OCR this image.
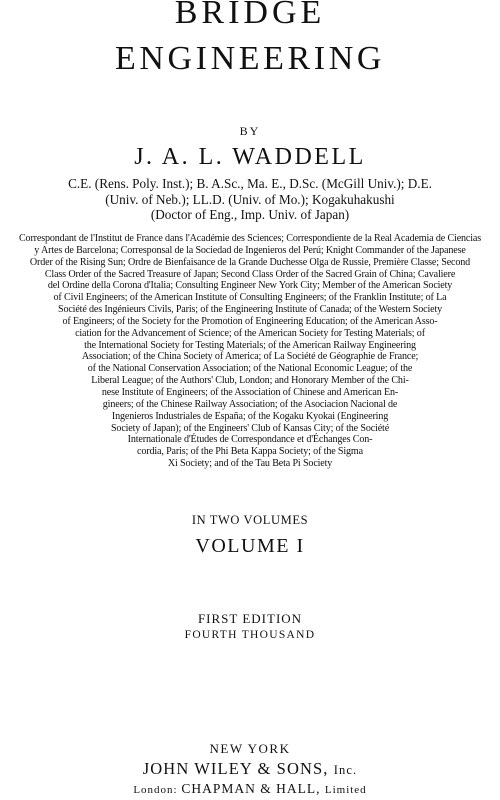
BRIDGE
ENGINEERING
BY
J. A. L. WADDELL
C.E. (Rens. Poly. Inst.); B. A.Sc., Ma. E., D.Sc. (McGill Univ.); D.E.
(Univ. of Neb.); LL.D. (Univ. of Mo.); Kogakuhakushi
(Doctor of Eng., Imp. Univ. of Japan)
Correspondant de l'Institut de France dans l'Académie des Sciences; Correspondiente de la Real Academia de Ciencias
y Artes de Barcelona; Corresponsal de la Sociedad de Ingenieros del Perú; Knight Commander of the Japanese
Order of the Rising Sun; Ordre de Bienfaisance de la Grande Duchesse Olga de Russie, Première Classe; Second
Class Order of the Sacred Treasure of Japan; Second Class Order of the Sacred Grain of China; Cavaliere
del Ordine della Corona d'Italia; Consulting Engineer New York City; Member of the American Society
of Civil Engineers; of the American Institute of Consulting Engineers; of the Franklin Institute; of La
Société des Ingénieurs Civils, Paris; of the Engineering Institute of Canada; of the Western Society
of Engineers; of the Society for the Promotion of Engineering Education; of the American Asso-
ciation for the Advancement of Science; of the American Society for Testing Materials; of
the International Society for Testing Materials; of the American Railway Engineering
Association; of the China Society of America; of La Société de Géographie de France;
of the National Conservation Association; of the National Economic League; of the
Liberal League; of the Authors' Club, London; and Honorary Member of the Chi-
nese Institute of Engineers; of the Association of Chinese and American En-
gineers; of the Chinese Railway Association; of the Asociacion Nacional de
Ingenieros Industriales de España; of the Kogaku Kyokai (Engineering
Society of Japan); of the Engineers' Club of Kansas City; of the Société
Internationale d'Études de Correspondance et d'Échanges Con-
cordia, Paris; of the Phi Beta Kappa Society; of the Sigma
Xi Society; and of the Tau Beta Pi Society
IN TWO VOLUMES
VOLUME I
FIRST EDITION
FOURTH THOUSAND
NEW YORK
JOHN WILEY & SONS, Inc.
London: CHAPMAN & HALL, Limited
